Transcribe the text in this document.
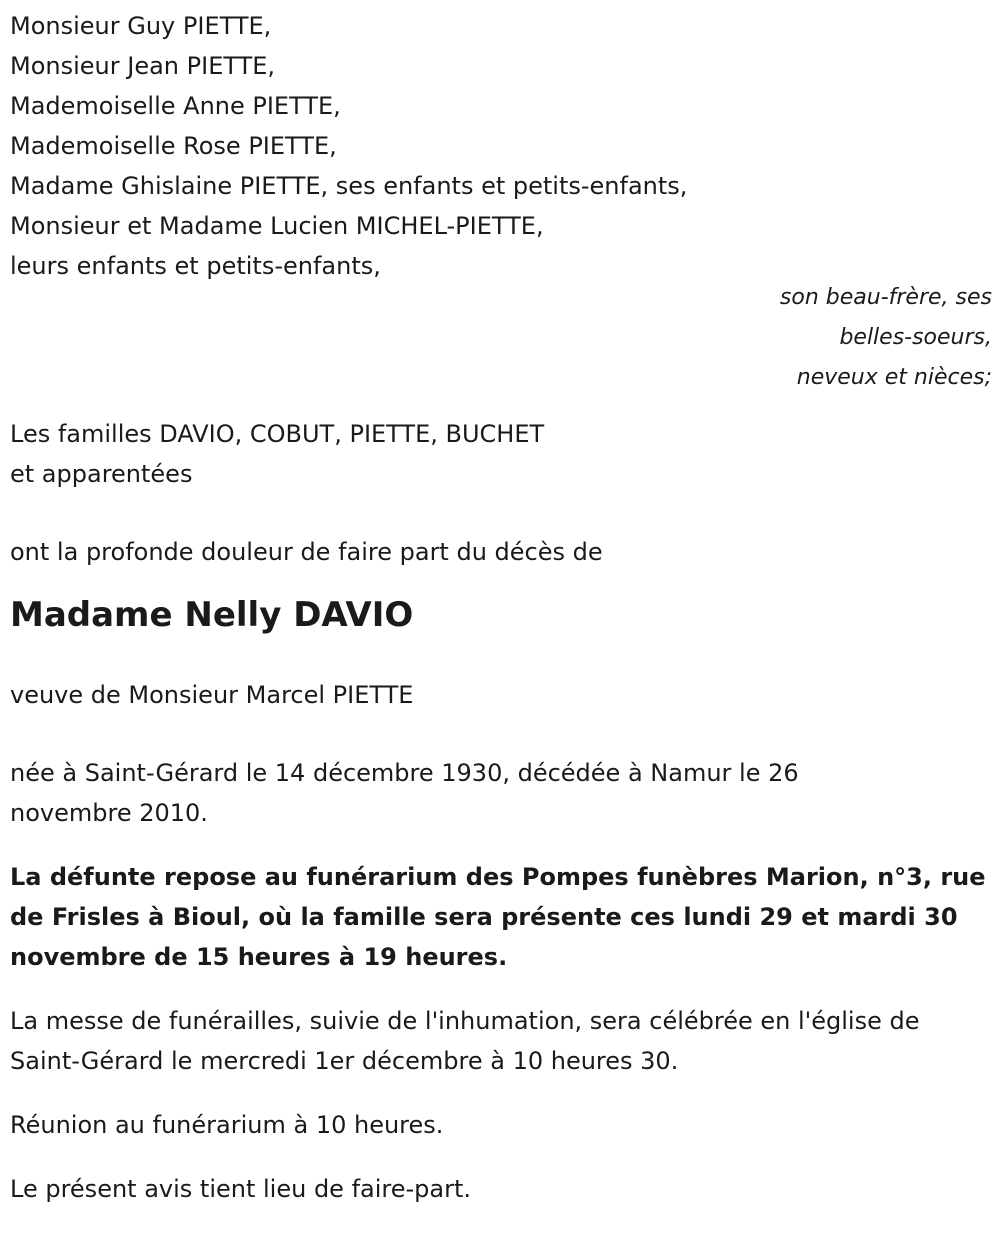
Monsieur Guy PIETTE,

Monsieur Jean PIETTE,

Mademoiselle Anne PIETTE,

Mademoiselle Rose PIETTE,

Madame Ghislaine PIETTE, ses enfants et petits-enfants,

Monsieur et Madame Lucien MICHEL-PIETTE,

leurs enfants et petits-enfants,

son beau-frère, ses

belles-soeurs,

neveux et nièces;

Les familles DAVIO, COBUT, PIETTE, BUCHET

et apparentées

ont la profonde douleur de faire part du décès de

Madame Nelly DAVIO

veuve de Monsieur Marcel PIETTE

née à Saint-Gérard le 14 décembre 1930, décédée à Namur le 26 novembre 2010.

La défunte repose au funérarium des Pompes funèbres Marion, n°3, rue de Frisles à Bioul, où la famille sera présente ces lundi 29 et mardi 30 novembre de 15 heures à 19 heures.

La messe de funérailles, suivie de l'inhumation, sera célébrée en l'église de Saint-Gérard le mercredi 1er décembre à 10 heures 30.

Réunion au funérarium à 10 heures.

Le présent avis tient lieu de faire-part.
